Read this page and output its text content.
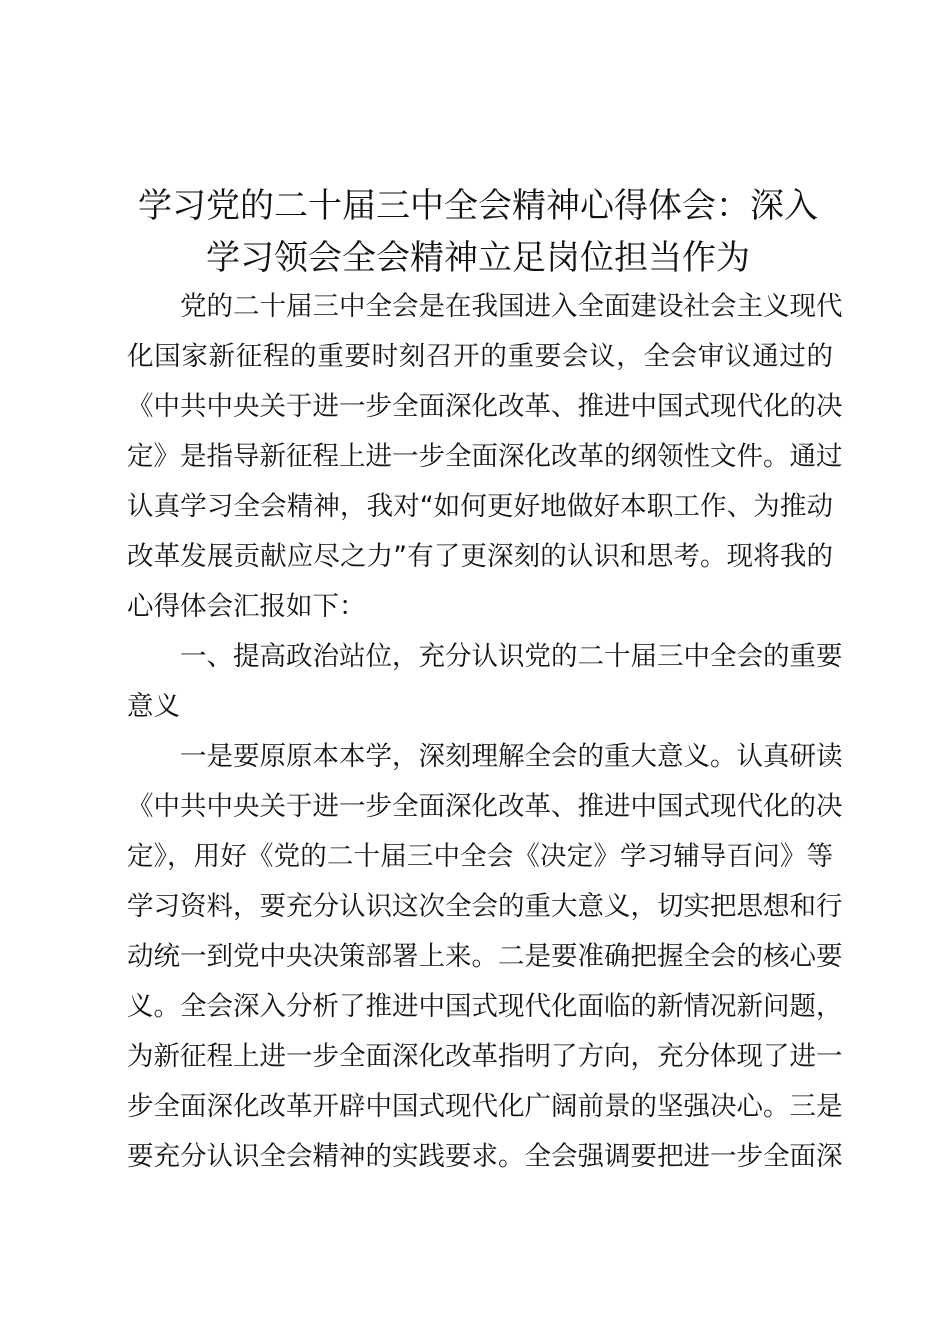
学习党的二十届三中全会精神心得体会：深入
学习领会全会精神立足岗位担当作为
党的二十届三中全会是在我国进入全面建设社会主义现代
化国家新征程的重要时刻召开的重要会议，全会审议通过的
《中共中央关于进一步全面深化改革、推进中国式现代化的决
定》是指导新征程上进一步全面深化改革的纲领性文件。通过
认真学习全会精神，我对“如何更好地做好本职工作、为推动
改革发展贡献应尽之力”有了更深刻的认识和思考。现将我的
心得体会汇报如下：
一、提高政治站位，充分认识党的二十届三中全会的重要
意义
一是要原原本本学，深刻理解全会的重大意义。认真研读
《中共中央关于进一步全面深化改革、推进中国式现代化的决
定》，用好《党的二十届三中全会《决定》学习辅导百问》等
学习资料，要充分认识这次全会的重大意义，切实把思想和行
动统一到党中央决策部署上来。二是要准确把握全会的核心要
义。全会深入分析了推进中国式现代化面临的新情况新问题，
为新征程上进一步全面深化改革指明了方向，充分体现了进一
步全面深化改革开辟中国式现代化广阔前景的坚强决心。三是
要充分认识全会精神的实践要求。全会强调要把进一步全面深
